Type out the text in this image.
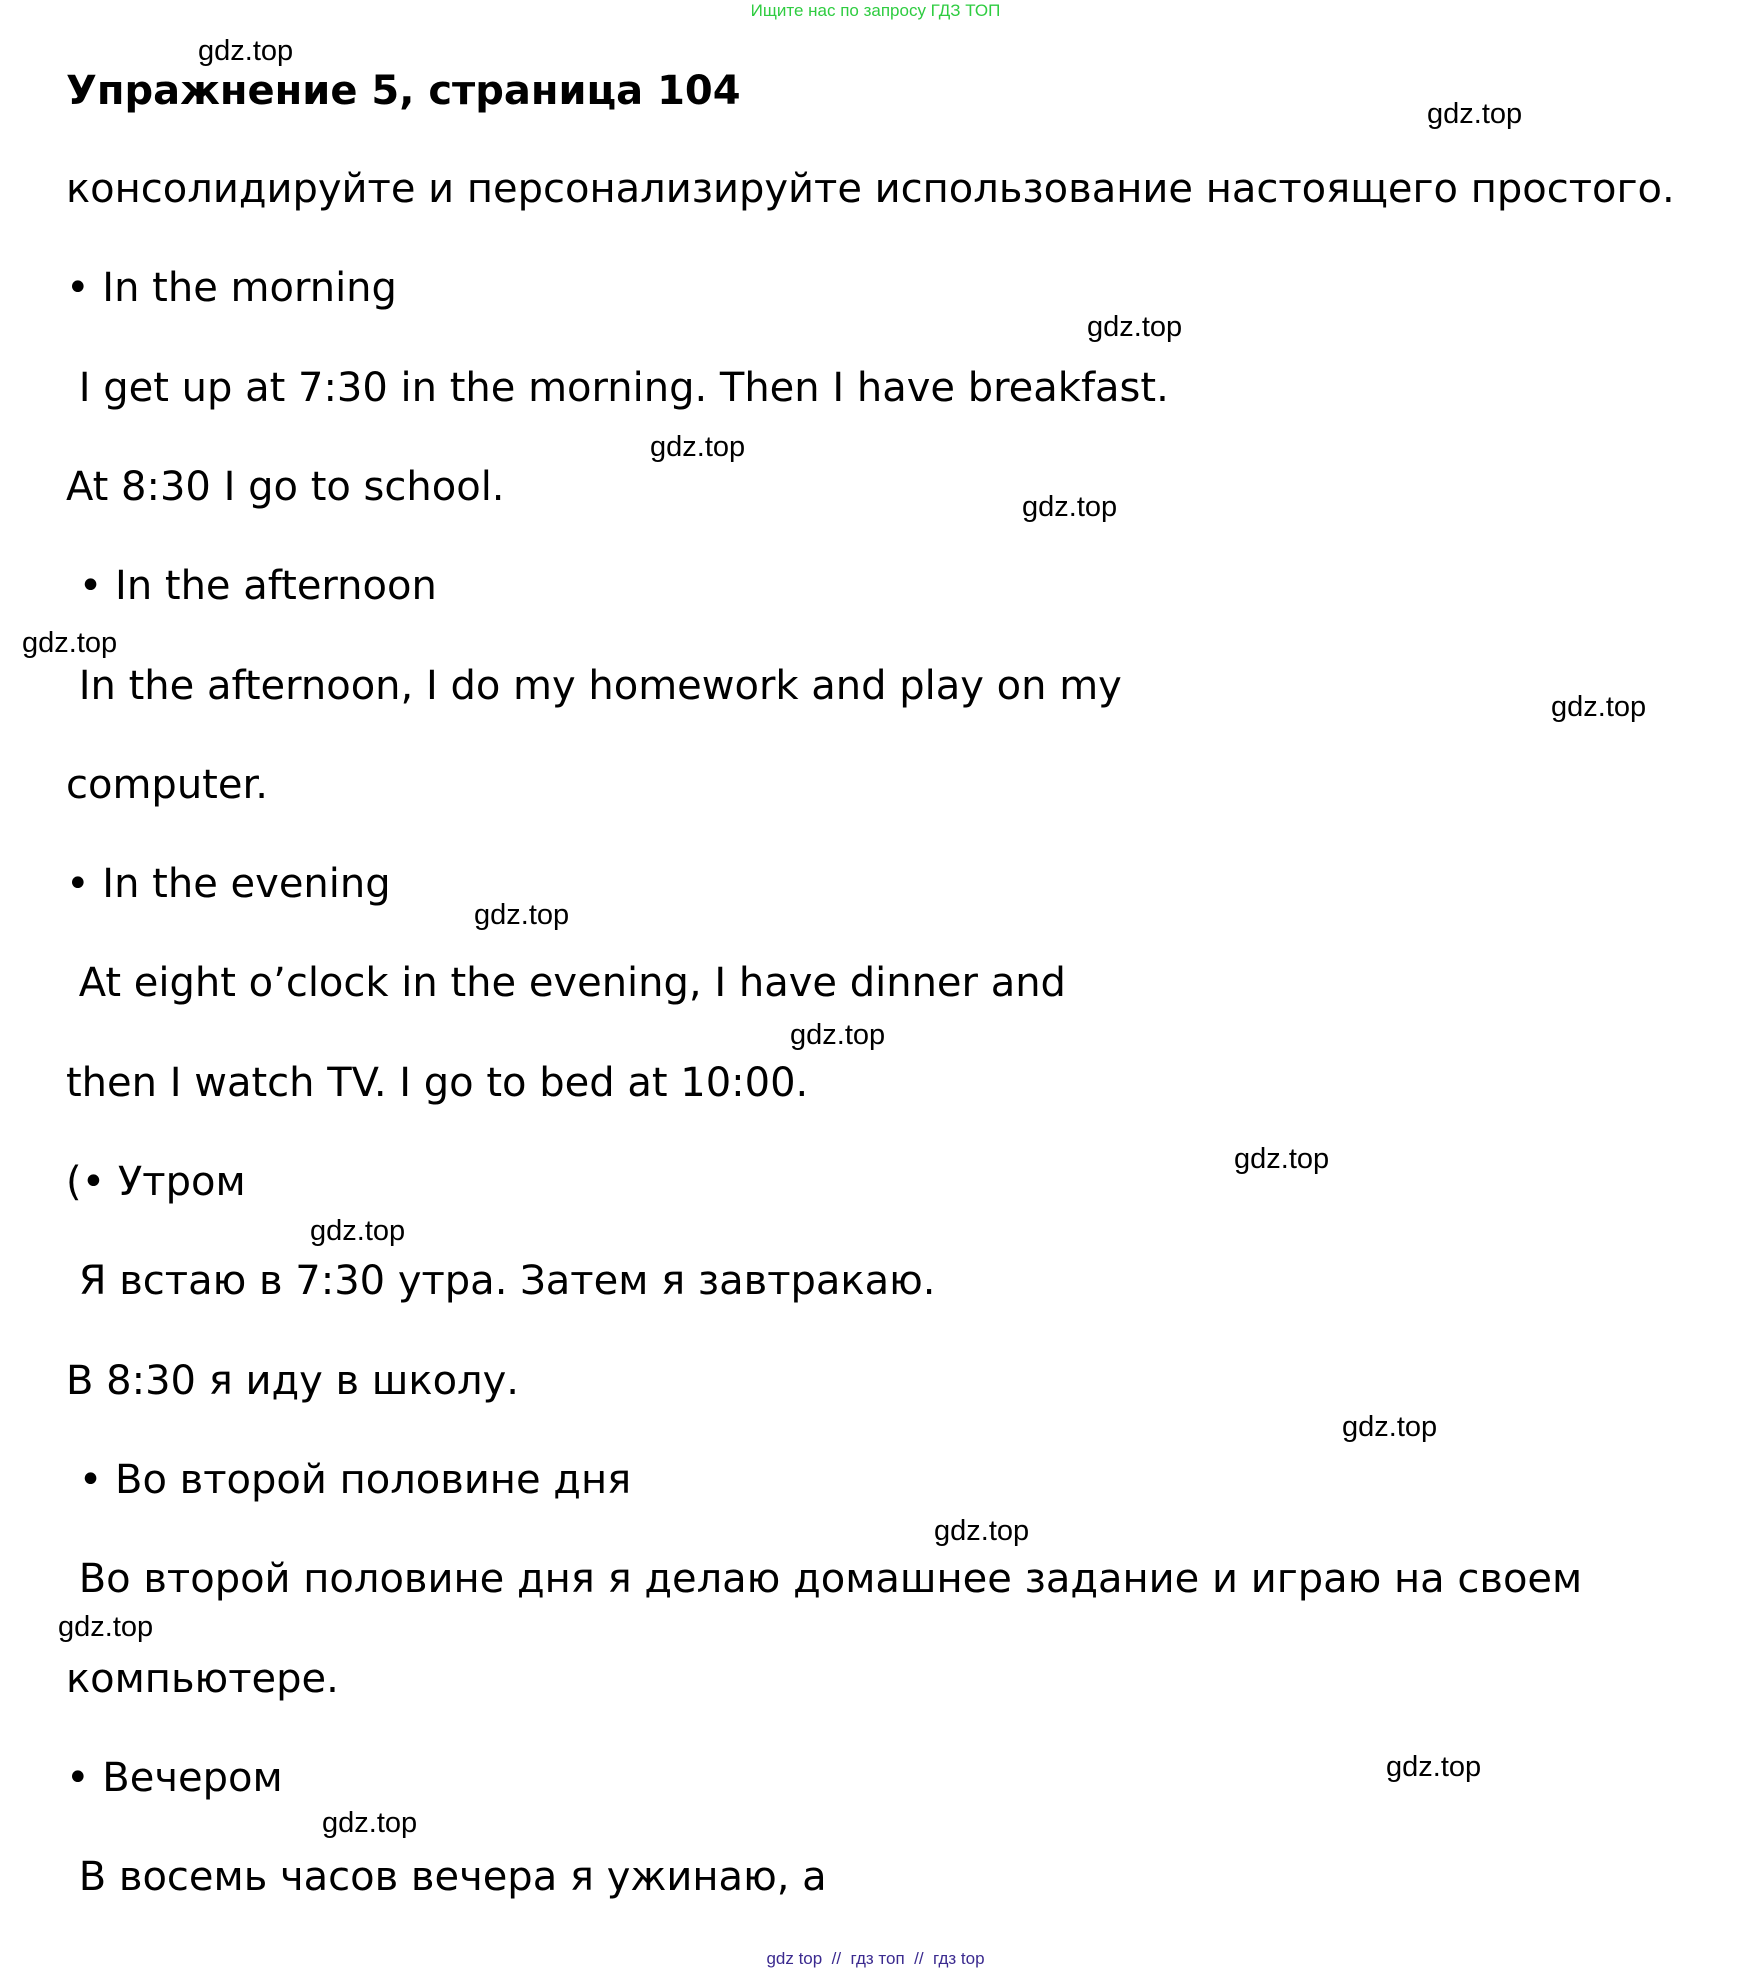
Ищите нас по запросу ГДЗ ТОП
Упражнение 5, страница 104
консолидируйте и персонализируйте использование настоящего простого.
• In the morning
I get up at 7:30 in the morning. Then I have breakfast.
At 8:30 I go to school.
• In the afternoon
In the afternoon, I do my homework and play on my
computer.
• In the evening
At eight o’clock in the evening, I have dinner and
then I watch TV. I go to bed at 10:00.
(• Утром
Я встаю в 7:30 утра. Затем я завтракаю.
В 8:30 я иду в школу.
• Во второй половине дня
Во второй половине дня я делаю домашнее задание и играю на своем
компьютере.
• Вечером
В восемь часов вечера я ужинаю, а
gdz.top
gdz.top
gdz.top
gdz.top
gdz.top
gdz.top
gdz.top
gdz.top
gdz.top
gdz.top
gdz.top
gdz.top
gdz.top
gdz.top
gdz.top
gdz.top
gdz top  //  гдз топ  //  гдз top
